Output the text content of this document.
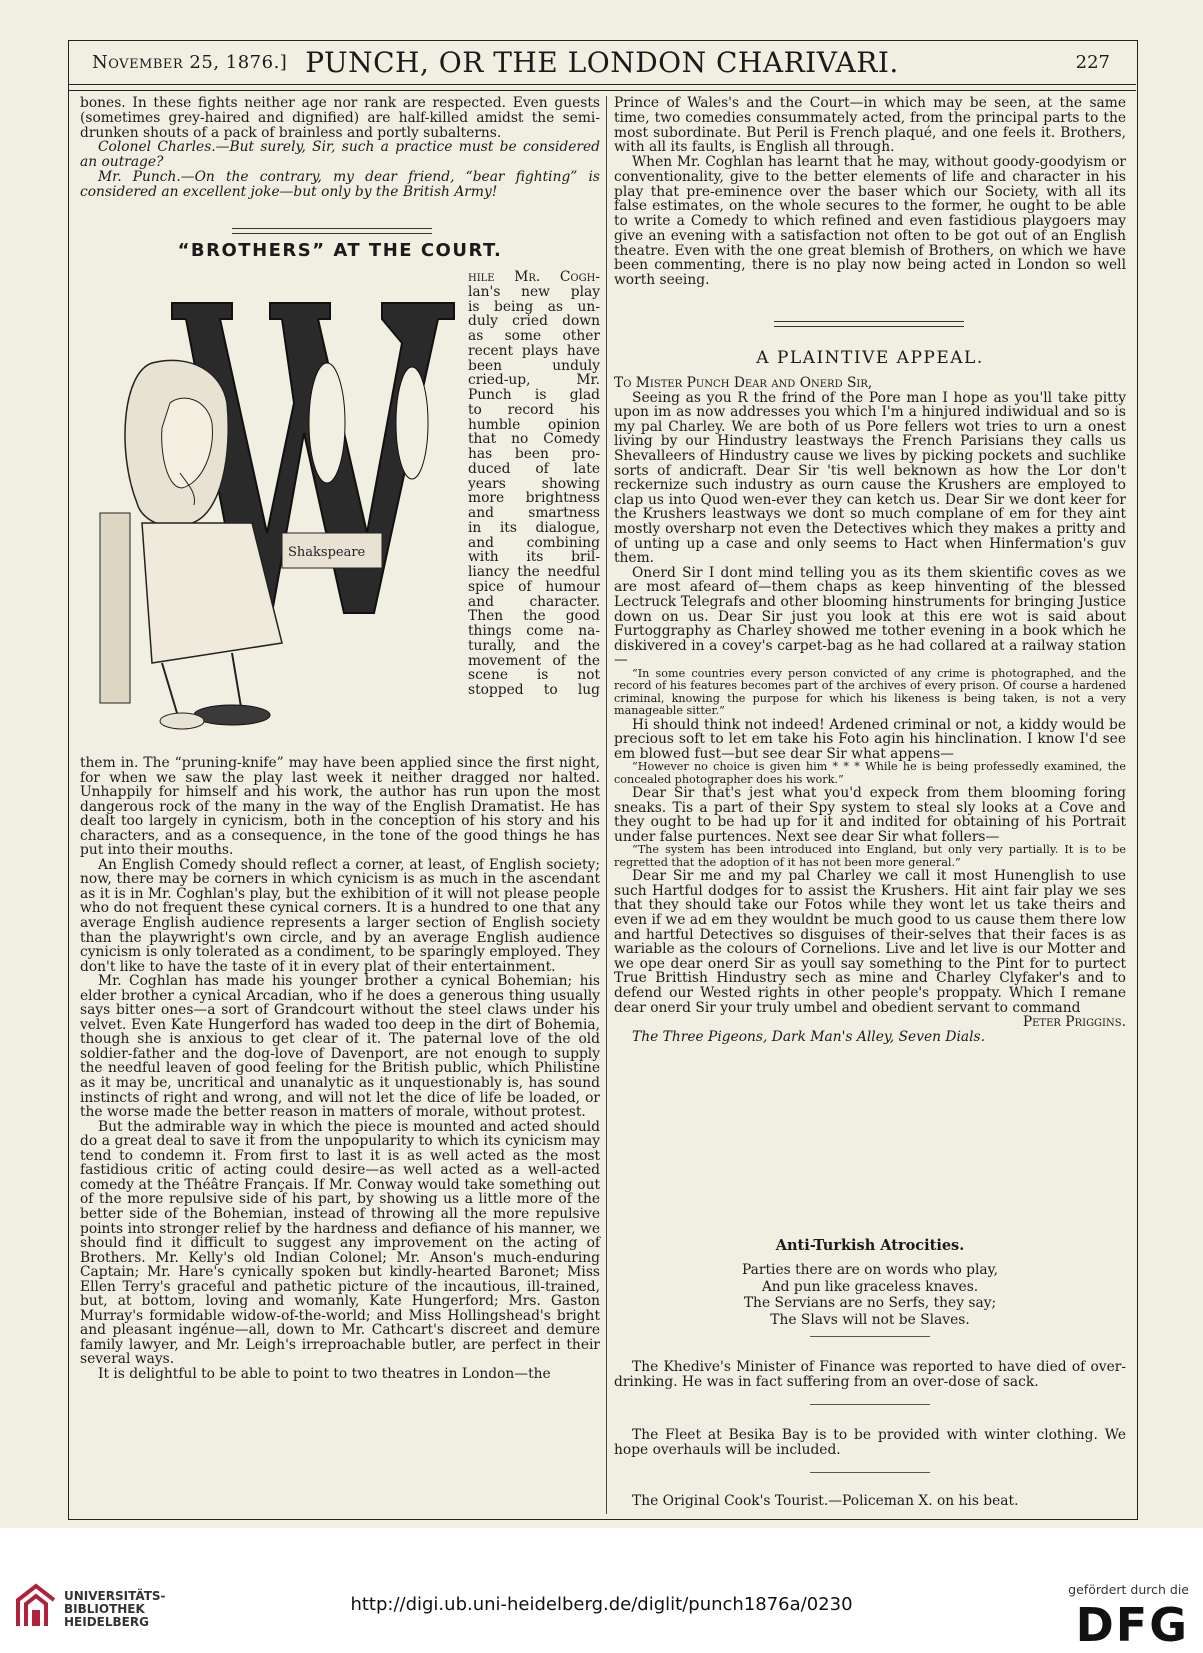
November 25, 1876.] PUNCH, OR THE LONDON CHARIVARI.	227

bones. In these fights neither age nor rank are respected. Even guests (sometimes grey-haired and dignified) are half-killed amidst the semi-drunken shouts of a pack of brainless and portly subalterns.

Colonel Charles.—But surely, Sir, such a practice must be considered an outrage?

Mr. Punch.—On the contrary, my dear friend, “bear fighting” is considered an excellent joke—but only by the British Army!

“BROTHERS” AT THE COURT.
Shakspeare
hile Mr. Cogh-
lan's new play
is being as un-
duly cried down
as some other
recent plays have
been unduly
cried-up, Mr.
Punch is glad
to record his
humble opinion
that no Comedy
has been pro-
duced of late
years showing
more brightness
and smartness
in its dialogue,
and combining
with its bril-
liancy the needful
spice of humour
and character.
Then the good
things come na-
turally, and the
movement of the
scene is not
stopped to lug

them in. The “pruning-knife” may have been applied since the first night, for when we saw the play last week it neither dragged nor halted. Unhappily for himself and his work, the author has run upon the most dangerous rock of the many in the way of the English Dramatist. He has dealt too largely in cynicism, both in the conception of his story and his characters, and as a consequence, in the tone of the good things he has put into their mouths.

An English Comedy should reflect a corner, at least, of English society; now, there may be corners in which cynicism is as much in the ascendant as it is in Mr. Coghlan's play, but the exhibition of it will not please people who do not frequent these cynical corners. It is a hundred to one that any average English audience represents a larger section of English society than the playwright's own circle, and by an average English audience cynicism is only tolerated as a condiment, to be sparingly employed. They don't like to have the taste of it in every plat of their entertainment.

Mr. Coghlan has made his younger brother a cynical Bohemian; his elder brother a cynical Arcadian, who if he does a generous thing usually says bitter ones—a sort of Grandcourt without the steel claws under his velvet. Even Kate Hungerford has waded too deep in the dirt of Bohemia, though she is anxious to get clear of it. The paternal love of the old soldier-father and the dog-love of Davenport, are not enough to supply the needful leaven of good feeling for the British public, which Philistine as it may be, uncritical and unanalytic as it unquestionably is, has sound instincts of right and wrong, and will not let the dice of life be loaded, or the worse made the better reason in matters of morale, without protest.

But the admirable way in which the piece is mounted and acted should do a great deal to save it from the unpopularity to which its cynicism may tend to condemn it. From first to last it is as well acted as the most fastidious critic of acting could desire—as well acted as a well-acted comedy at the Théâtre Français. If Mr. Conway would take something out of the more repulsive side of his part, by showing us a little more of the better side of the Bohemian, instead of throwing all the more repulsive points into stronger relief by the hardness and defiance of his manner, we should find it difficult to suggest any improvement on the acting of Brothers. Mr. Kelly's old Indian Colonel; Mr. Anson's much-enduring Captain; Mr. Hare's cynically spoken but kindly-hearted Baronet; Miss Ellen Terry's graceful and pathetic picture of the incautious, ill-trained, but, at bottom, loving and womanly, Kate Hungerford; Mrs. Gaston Murray's formidable widow-of-the-world; and Miss Hollingshead's bright and pleasant ingénue—all, down to Mr. Cathcart's discreet and demure family lawyer, and Mr. Leigh's irreproachable butler, are perfect in their several ways.

It is delightful to be able to point to two theatres in London—the

Prince of Wales's and the Court—in which may be seen, at the same time, two comedies consummately acted, from the principal parts to the most subordinate. But Peril is French plaqué, and one feels it. Brothers, with all its faults, is English all through.

When Mr. Coghlan has learnt that he may, without goody-goodyism or conventionality, give to the better elements of life and character in his play that pre-eminence over the baser which our Society, with all its false estimates, on the whole secures to the former, he ought to be able to write a Comedy to which refined and even fastidious playgoers may give an evening with a satisfaction not often to be got out of an English theatre. Even with the one great blemish of Brothers, on which we have been commenting, there is no play now being acted in London so well worth seeing.

A PLAINTIVE APPEAL.

To Mister Punch Dear and Onerd Sir,

Seeing as you R the frind of the Pore man I hope as you'll take pitty upon im as now addresses you which I'm a hinjured indiwidual and so is my pal Charley. We are both of us Pore fellers wot tries to urn a onest living by our Hindustry leastways the French Parisians they calls us Shevalleers of Hindustry cause we lives by picking pockets and suchlike sorts of andicraft. Dear Sir 'tis well beknown as how the Lor don't reckernize such industry as ourn cause the Krushers are employed to clap us into Quod wen-ever they can ketch us. Dear Sir we dont keer for the Krushers leastways we dont so much complane of em for they aint mostly oversharp not even the Detectives which they makes a pritty and of unting up a case and only seems to Hact when Hinfermation's guv them.

Onerd Sir I dont mind telling you as its them skientific coves as we are most afeard of—them chaps as keep hinventing of the blessed Lectruck Telegrafs and other blooming hinstruments for bringing Justice down on us. Dear Sir just you look at this ere wot is said about Furtoggraphy as Charley showed me tother evening in a book which he diskivered in a covey's carpet-bag as he had collared at a railway station—

“In some countries every person convicted of any crime is photographed, and the record of his features becomes part of the archives of every prison. Of course a hardened criminal, knowing the purpose for which his likeness is being taken, is not a very manageable sitter.”

Hi should think not indeed! Ardened criminal or not, a kiddy would be precious soft to let em take his Foto agin his hinclination. I know I'd see em blowed fust—but see dear Sir what appens—

“However no choice is given him * * * While he is being professedly examined, the concealed photographer does his work.”

Dear Sir that's jest what you'd expeck from them blooming foring sneaks. Tis a part of their Spy system to steal sly looks at a Cove and they ought to be had up for it and indited for obtaining of his Portrait under false purtences. Next see dear Sir what follers—

“The system has been introduced into England, but only very partially. It is to be regretted that the adoption of it has not been more general.”

Dear Sir me and my pal Charley we call it most Hunenglish to use such Hartful dodges for to assist the Krushers. Hit aint fair play we ses that they should take our Fotos while they wont let us take theirs and even if we ad em they wouldnt be much good to us cause them there low and hartful Detectives so disguises of their-selves that their faces is as wariable as the colours of Cornelions. Live and let live is our Motter and we ope dear onerd Sir as youll say something to the Pint for to purtect True Brittish Hindustry sech as mine and Charley Clyfaker's and to defend our Wested rights in other people's proppaty. Which I remane dear onerd Sir your truly umbel and obedient servant to command

Peter Priggins.

The Three Pigeons, Dark Man's Alley, Seven Dials.

Anti-Turkish Atrocities.
Parties there are on words who play,
And pun like graceless knaves.
The Servians are no Serfs, they say;
The Slavs will not be Slaves.

The Khedive's Minister of Finance was reported to have died of over-drinking. He was in fact suffering from an over-dose of sack.

The Fleet at Besika Bay is to be provided with winter clothing. We hope overhauls will be included.

The Original Cook's Tourist.—Policeman X. on his beat.

UNIVERSITÄTS-
BIBLIOTHEK
HEIDELBERG
http://digi.ub.uni-heidelberg.de/diglit/punch1876a/0230
gefördert durch die
DFG
